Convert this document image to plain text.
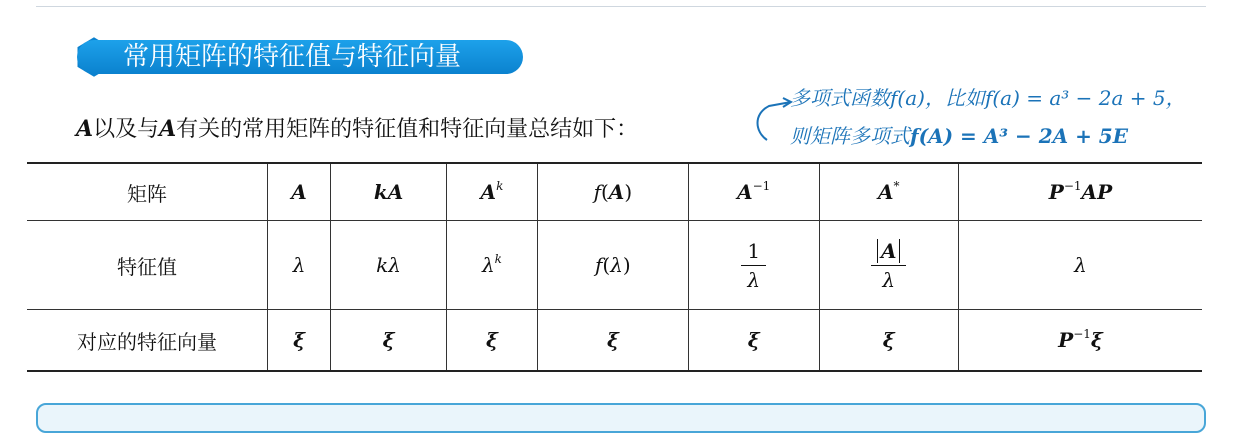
常用矩阵的特征值与特征向量
A以及与A有关的常用矩阵的特征值和特征向量总结如下：
多项式函数f(a)，比如f(a) = a³ − 2a + 5，
则矩阵多项式f(A) = A³ − 2A + 5E
矩阵	A	kA	$A^k$	f(A)	$A^{-1}$	A*	$P^{-1}AP$
特征值	λ	kλ	$\lambda^k$	f(λ)	$\frac{1}{\lambda}$	$\frac{A}{\lambda}$	λ
对应的特征向量	ξ	ξ	ξ	ξ	ξ	ξ	$P^{-1}\xi$
